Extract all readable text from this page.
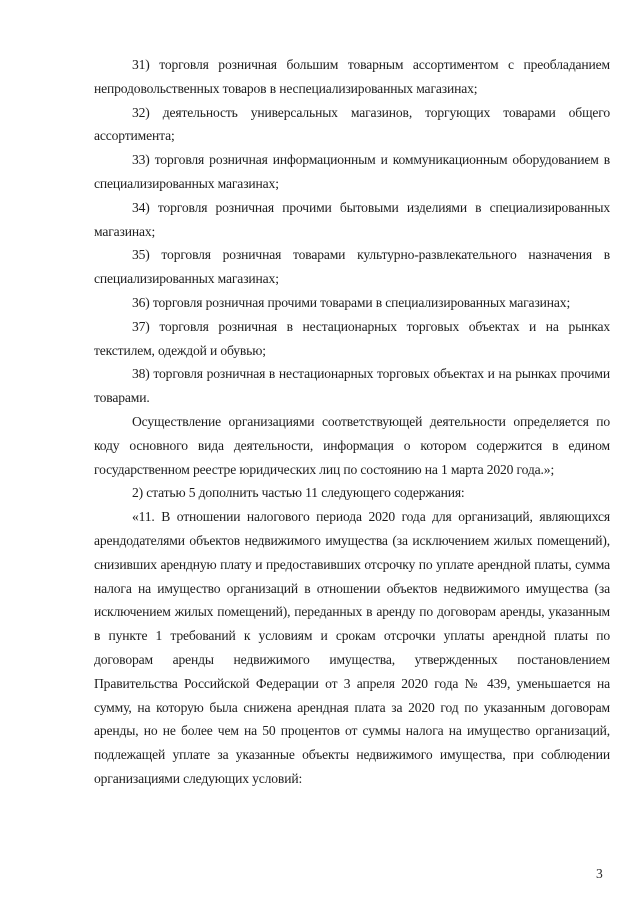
31) торговля розничная большим товарным ассортиментом с преобладанием непродовольственных товаров в неспециализированных магазинах;

32) деятельность универсальных магазинов, торгующих товарами общего ассортимента;

33) торговля розничная информационным и коммуникационным оборудованием в специализированных магазинах;

34) торговля розничная прочими бытовыми изделиями в специализированных магазинах;

35) торговля розничная товарами культурно-развлекательного назначения в специализированных магазинах;

36) торговля розничная прочими товарами в специализированных магазинах;

37) торговля розничная в нестационарных торговых объектах и на рынках текстилем, одеждой и обувью;

38) торговля розничная в нестационарных торговых объектах и на рынках прочими товарами.

Осуществление организациями соответствующей деятельности определяется по коду основного вида деятельности, информация о котором содержится в едином государственном реестре юридических лиц по состоянию на 1 марта 2020 года.»;

2) статью 5 дополнить частью 11 следующего содержания:

«11. В отношении налогового периода 2020 года для организаций, являющихся арендодателями объектов недвижимого имущества (за исключением жилых помещений), снизивших арендную плату и предоставивших отсрочку по уплате арендной платы, сумма налога на имущество организаций в отношении объектов недвижимого имущества (за исключением жилых помещений), переданных в аренду по договорам аренды, указанным в пункте 1 требований к условиям и срокам отсрочки уплаты арендной платы по договорам аренды недвижимого имущества, утвержденных постановлением Правительства Российской Федерации от 3 апреля 2020 года № 439, уменьшается на сумму, на которую была снижена арендная плата за 2020 год по указанным договорам аренды, но не более чем на 50 процентов от суммы налога на имущество организаций, подлежащей уплате за указанные объекты недвижимого имущества, при соблюдении организациями следующих условий:

3
